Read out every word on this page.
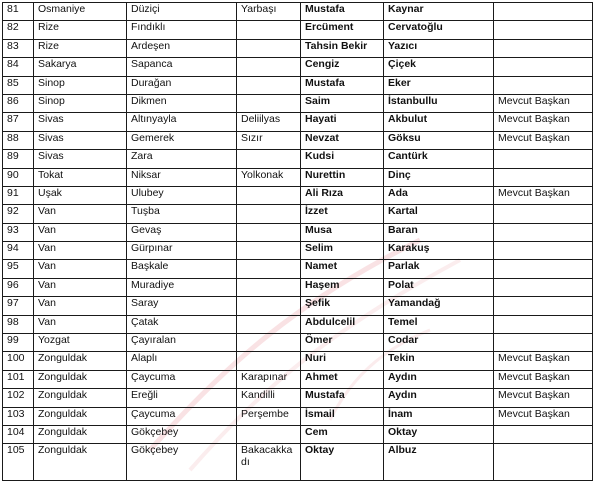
81	Osmaniye	Düziçi	Yarbaşı	Mustafa	Kaynar	
82	Rize	Fındıklı		Ercüment	Cervatoğlu	
83	Rize	Ardeşen		Tahsin Bekir	Yazıcı	
84	Sakarya	Sapanca		Cengiz	Çiçek	
85	Sinop	Durağan		Mustafa	Eker	
86	Sinop	Dikmen		Saim	İstanbullu	Mevcut Başkan
87	Sivas	Altınyayla	Deliilyas	Hayati	Akbulut	Mevcut Başkan
88	Sivas	Gemerek	Sızır	Nevzat	Göksu	Mevcut Başkan
89	Sivas	Zara		Kudsi	Cantürk	
90	Tokat	Niksar	Yolkonak	Nurettin	Dinç	
91	Uşak	Ulubey		Ali Rıza	Ada	Mevcut Başkan
92	Van	Tuşba		İzzet	Kartal	
93	Van	Gevaş		Musa	Baran	
94	Van	Gürpınar		Selim	Karakuş	
95	Van	Başkale		Namet	Parlak	
96	Van	Muradiye		Haşem	Polat	
97	Van	Saray		Şefik	Yamandağ	
98	Van	Çatak		Abdulcelil	Temel	
99	Yozgat	Çayıralan		Ömer	Codar	
100	Zonguldak	Alaplı		Nuri	Tekin	Mevcut Başkan
101	Zonguldak	Çaycuma	Karapınar	Ahmet	Aydın	Mevcut Başkan
102	Zonguldak	Ereğli	Kandilli	Mustafa	Aydın	Mevcut Başkan
103	Zonguldak	Çaycuma	Perşembe	İsmail	İnam	Mevcut Başkan
104	Zonguldak	Gökçebey		Cem	Oktay	
105	Zonguldak	Gökçebey	Bakacakkadı	Oktay	Albuz	
